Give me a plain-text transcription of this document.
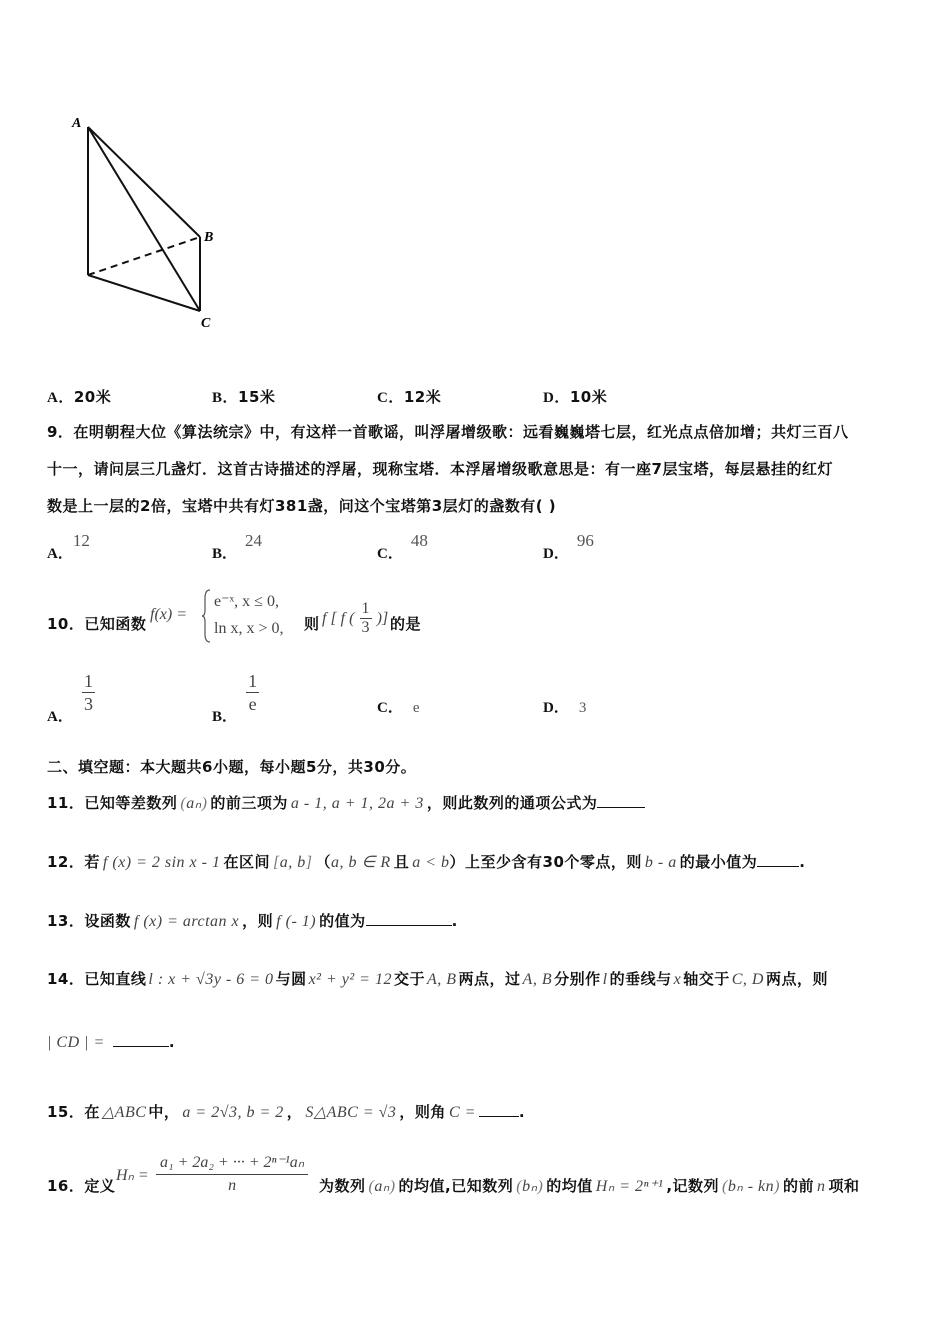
A
B
C
A．20米	B．15米	C．12米	D．10米
9．在明朝程大位《算法统宗》中，有这样一首歌谣，叫浮屠增级歌：远看巍巍塔七层，红光点点倍加增；共灯三百八
十一，请问层三几盏灯．这首古诗描述的浮屠，现称宝塔．本浮屠增级歌意思是：有一座7层宝塔，每层悬挂的红灯
数是上一层的2倍，宝塔中共有灯381盏，问这个宝塔第3层灯的盏数有( )
A．12
B．24
C．48
D．96
10．已知函数
f(x) =
e⁻ˣ, x ≤ 0,
ln x, x > 0, 则 f [ f ( $\frac{1}{3}$ )] 的是
A．
$\frac{1}{3}$
B．
$\frac{1}{e}$	C． e	D． 3
二、填空题：本大题共6小题，每小题5分，共30分。
11．已知等差数列 (aₙ) 的前三项为 a - 1, a + 1, 2a + 3 ，则此数列的通项公式为
12．若 f (x) = 2 sin x - 1 在区间 [a, b] （a, b ∈ R 且 a < b）上至少含有30个零点，则 b - a 的最小值为	.
13．设函数 f (x) = arctan x ，则 f (- 1) 的值为	.
14．已知直线 l : x + √3y - 6 = 0 与圆 x² + y² = 12 交于 A, B 两点，过 A, B 分别作 l 的垂线与 x 轴交于 C, D 两点，则
| CD | =	.
15．在 △ABC 中， a = 2√3, b = 2 ， S△ABC = √3 ，则角 C =	.
16．定义
$H_n = \frac{\text{a₁ + 2a₂ + ··· + 2ⁿ⁻¹aₙ}}{n}$ 为数列 (aₙ) 的均值,已知数列 (bₙ) 的均值 Hₙ = 2ⁿ⁺¹ ,记数列 (bₙ - kn) 的前 n 项和
